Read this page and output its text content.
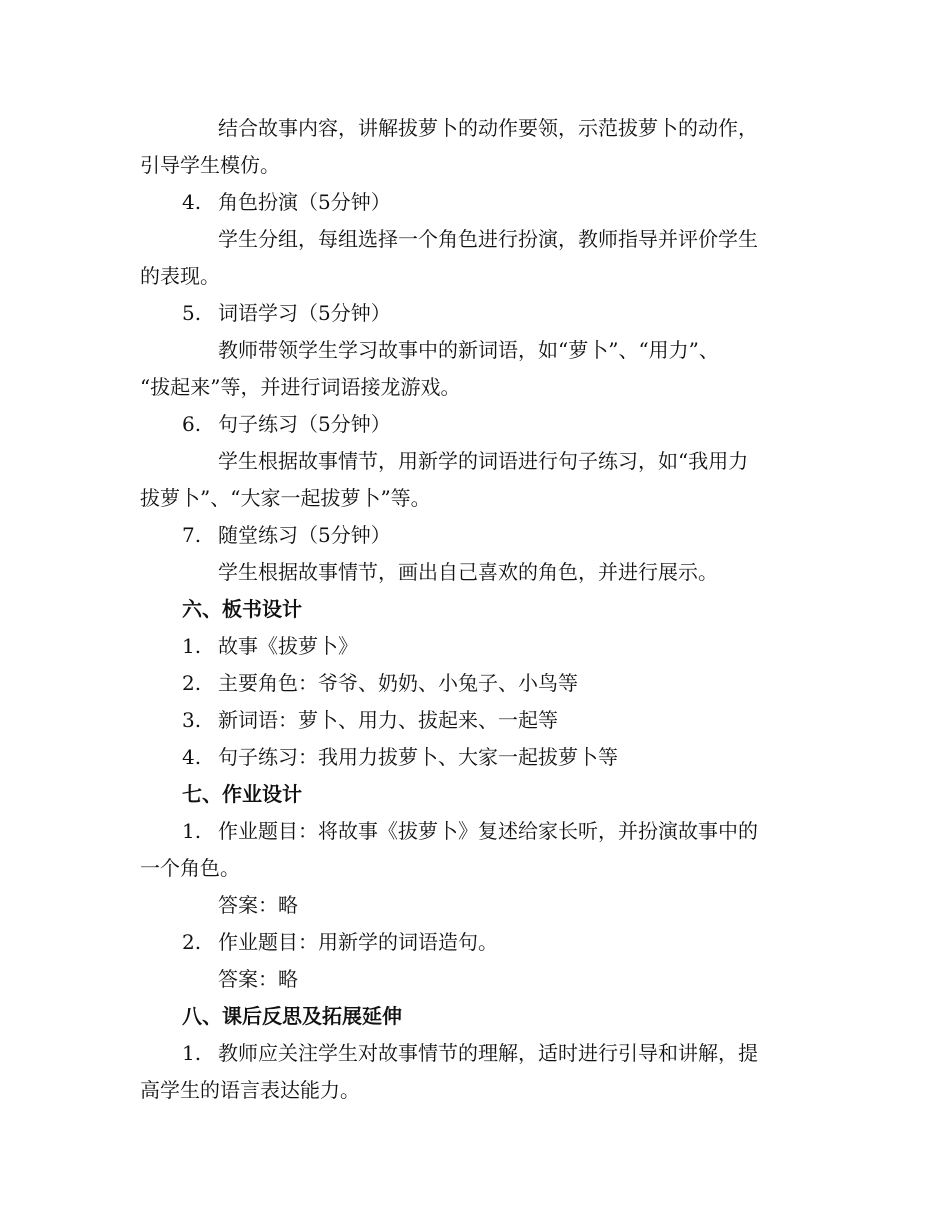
结合故事内容，讲解拔萝卜的动作要领，示范拔萝卜的动作，
引导学生模仿。
4. 角色扮演（5分钟）
学生分组，每组选择一个角色进行扮演，教师指导并评价学生
的表现。
5. 词语学习（5分钟）
教师带领学生学习故事中的新词语，如“萝卜”、“用力”、
“拔起来”等，并进行词语接龙游戏。
6. 句子练习（5分钟）
学生根据故事情节，用新学的词语进行句子练习，如“我用力
拔萝卜”、“大家一起拔萝卜”等。
7. 随堂练习（5分钟）
学生根据故事情节，画出自己喜欢的角色，并进行展示。
六、板书设计
1. 故事《拔萝卜》
2. 主要角色：爷爷、奶奶、小兔子、小鸟等
3. 新词语：萝卜、用力、拔起来、一起等
4. 句子练习：我用力拔萝卜、大家一起拔萝卜等
七、作业设计
1. 作业题目：将故事《拔萝卜》复述给家长听，并扮演故事中的
一个角色。
答案：略
2. 作业题目：用新学的词语造句。
答案：略
八、课后反思及拓展延伸
1. 教师应关注学生对故事情节的理解，适时进行引导和讲解，提
高学生的语言表达能力。
